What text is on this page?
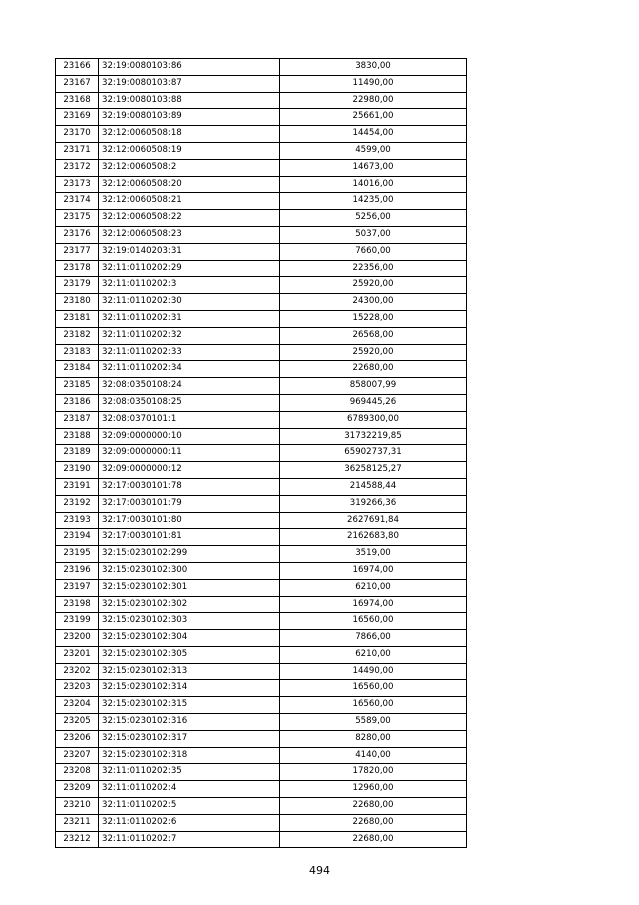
23166	32:19:0080103:86	3830,00
23167	32:19:0080103:87	11490,00
23168	32:19:0080103:88	22980,00
23169	32:19:0080103:89	25661,00
23170	32:12:0060508:18	14454,00
23171	32:12:0060508:19	4599,00
23172	32:12:0060508:2	14673,00
23173	32:12:0060508:20	14016,00
23174	32:12:0060508:21	14235,00
23175	32:12:0060508:22	5256,00
23176	32:12:0060508:23	5037,00
23177	32:19:0140203:31	7660,00
23178	32:11:0110202:29	22356,00
23179	32:11:0110202:3	25920,00
23180	32:11:0110202:30	24300,00
23181	32:11:0110202:31	15228,00
23182	32:11:0110202:32	26568,00
23183	32:11:0110202:33	25920,00
23184	32:11:0110202:34	22680,00
23185	32:08:0350108:24	858007,99
23186	32:08:0350108:25	969445,26
23187	32:08:0370101:1	6789300,00
23188	32:09:0000000:10	31732219,85
23189	32:09:0000000:11	65902737,31
23190	32:09:0000000:12	36258125,27
23191	32:17:0030101:78	214588,44
23192	32:17:0030101:79	319266,36
23193	32:17:0030101:80	2627691,84
23194	32:17:0030101:81	2162683,80
23195	32:15:0230102:299	3519,00
23196	32:15:0230102:300	16974,00
23197	32:15:0230102:301	6210,00
23198	32:15:0230102:302	16974,00
23199	32:15:0230102:303	16560,00
23200	32:15:0230102:304	7866,00
23201	32:15:0230102:305	6210,00
23202	32:15:0230102:313	14490,00
23203	32:15:0230102:314	16560,00
23204	32:15:0230102:315	16560,00
23205	32:15:0230102:316	5589,00
23206	32:15:0230102:317	8280,00
23207	32:15:0230102:318	4140,00
23208	32:11:0110202:35	17820,00
23209	32:11:0110202:4	12960,00
23210	32:11:0110202:5	22680,00
23211	32:11:0110202:6	22680,00
23212	32:11:0110202:7	22680,00
494
